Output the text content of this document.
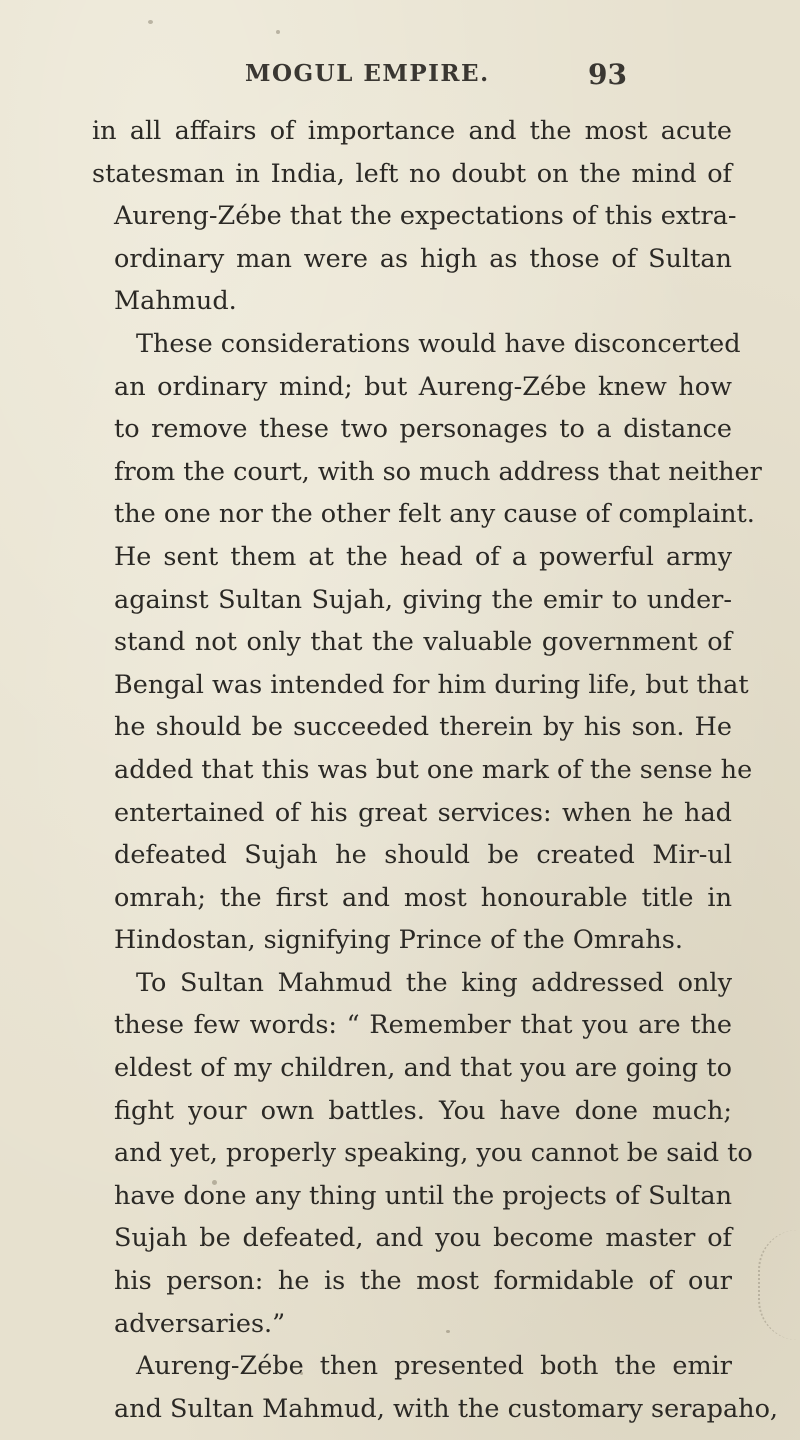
MOGUL EMPIRE.	93
in all affairs of importance and the most acute
statesman in India, left no doubt on the mind of
Aureng-Zébe that the expectations of this extra-
ordinary man were as high as those of Sultan
Mahmud.
These considerations would have disconcerted
an ordinary mind; but Aureng-Zébe knew how
to remove these two personages to a distance
from the court, with so much address that neither
the one nor the other felt any cause of complaint.
He sent them at the head of a powerful army
against Sultan Sujah, giving the emir to under-
stand not only that the valuable government of
Bengal was intended for him during life, but that
he should be succeeded therein by his son. He
added that this was but one mark of the sense he
entertained of his great services: when he had
defeated Sujah he should be created Mir-ul
omrah; the first and most honourable title in
Hindostan, signifying Prince of the Omrahs.
To Sultan Mahmud the king addressed only
these few words: “ Remember that you are the
eldest of my children, and that you are going to
fight your own battles. You have done much;
and yet, properly speaking, you cannot be said to
have done any thing until the projects of Sultan
Sujah be defeated, and you become master of
his person: he is the most formidable of our
adversaries.”
Aureng-Zébe then presented both the emir
and Sultan Mahmud, with the customary serapaho,
